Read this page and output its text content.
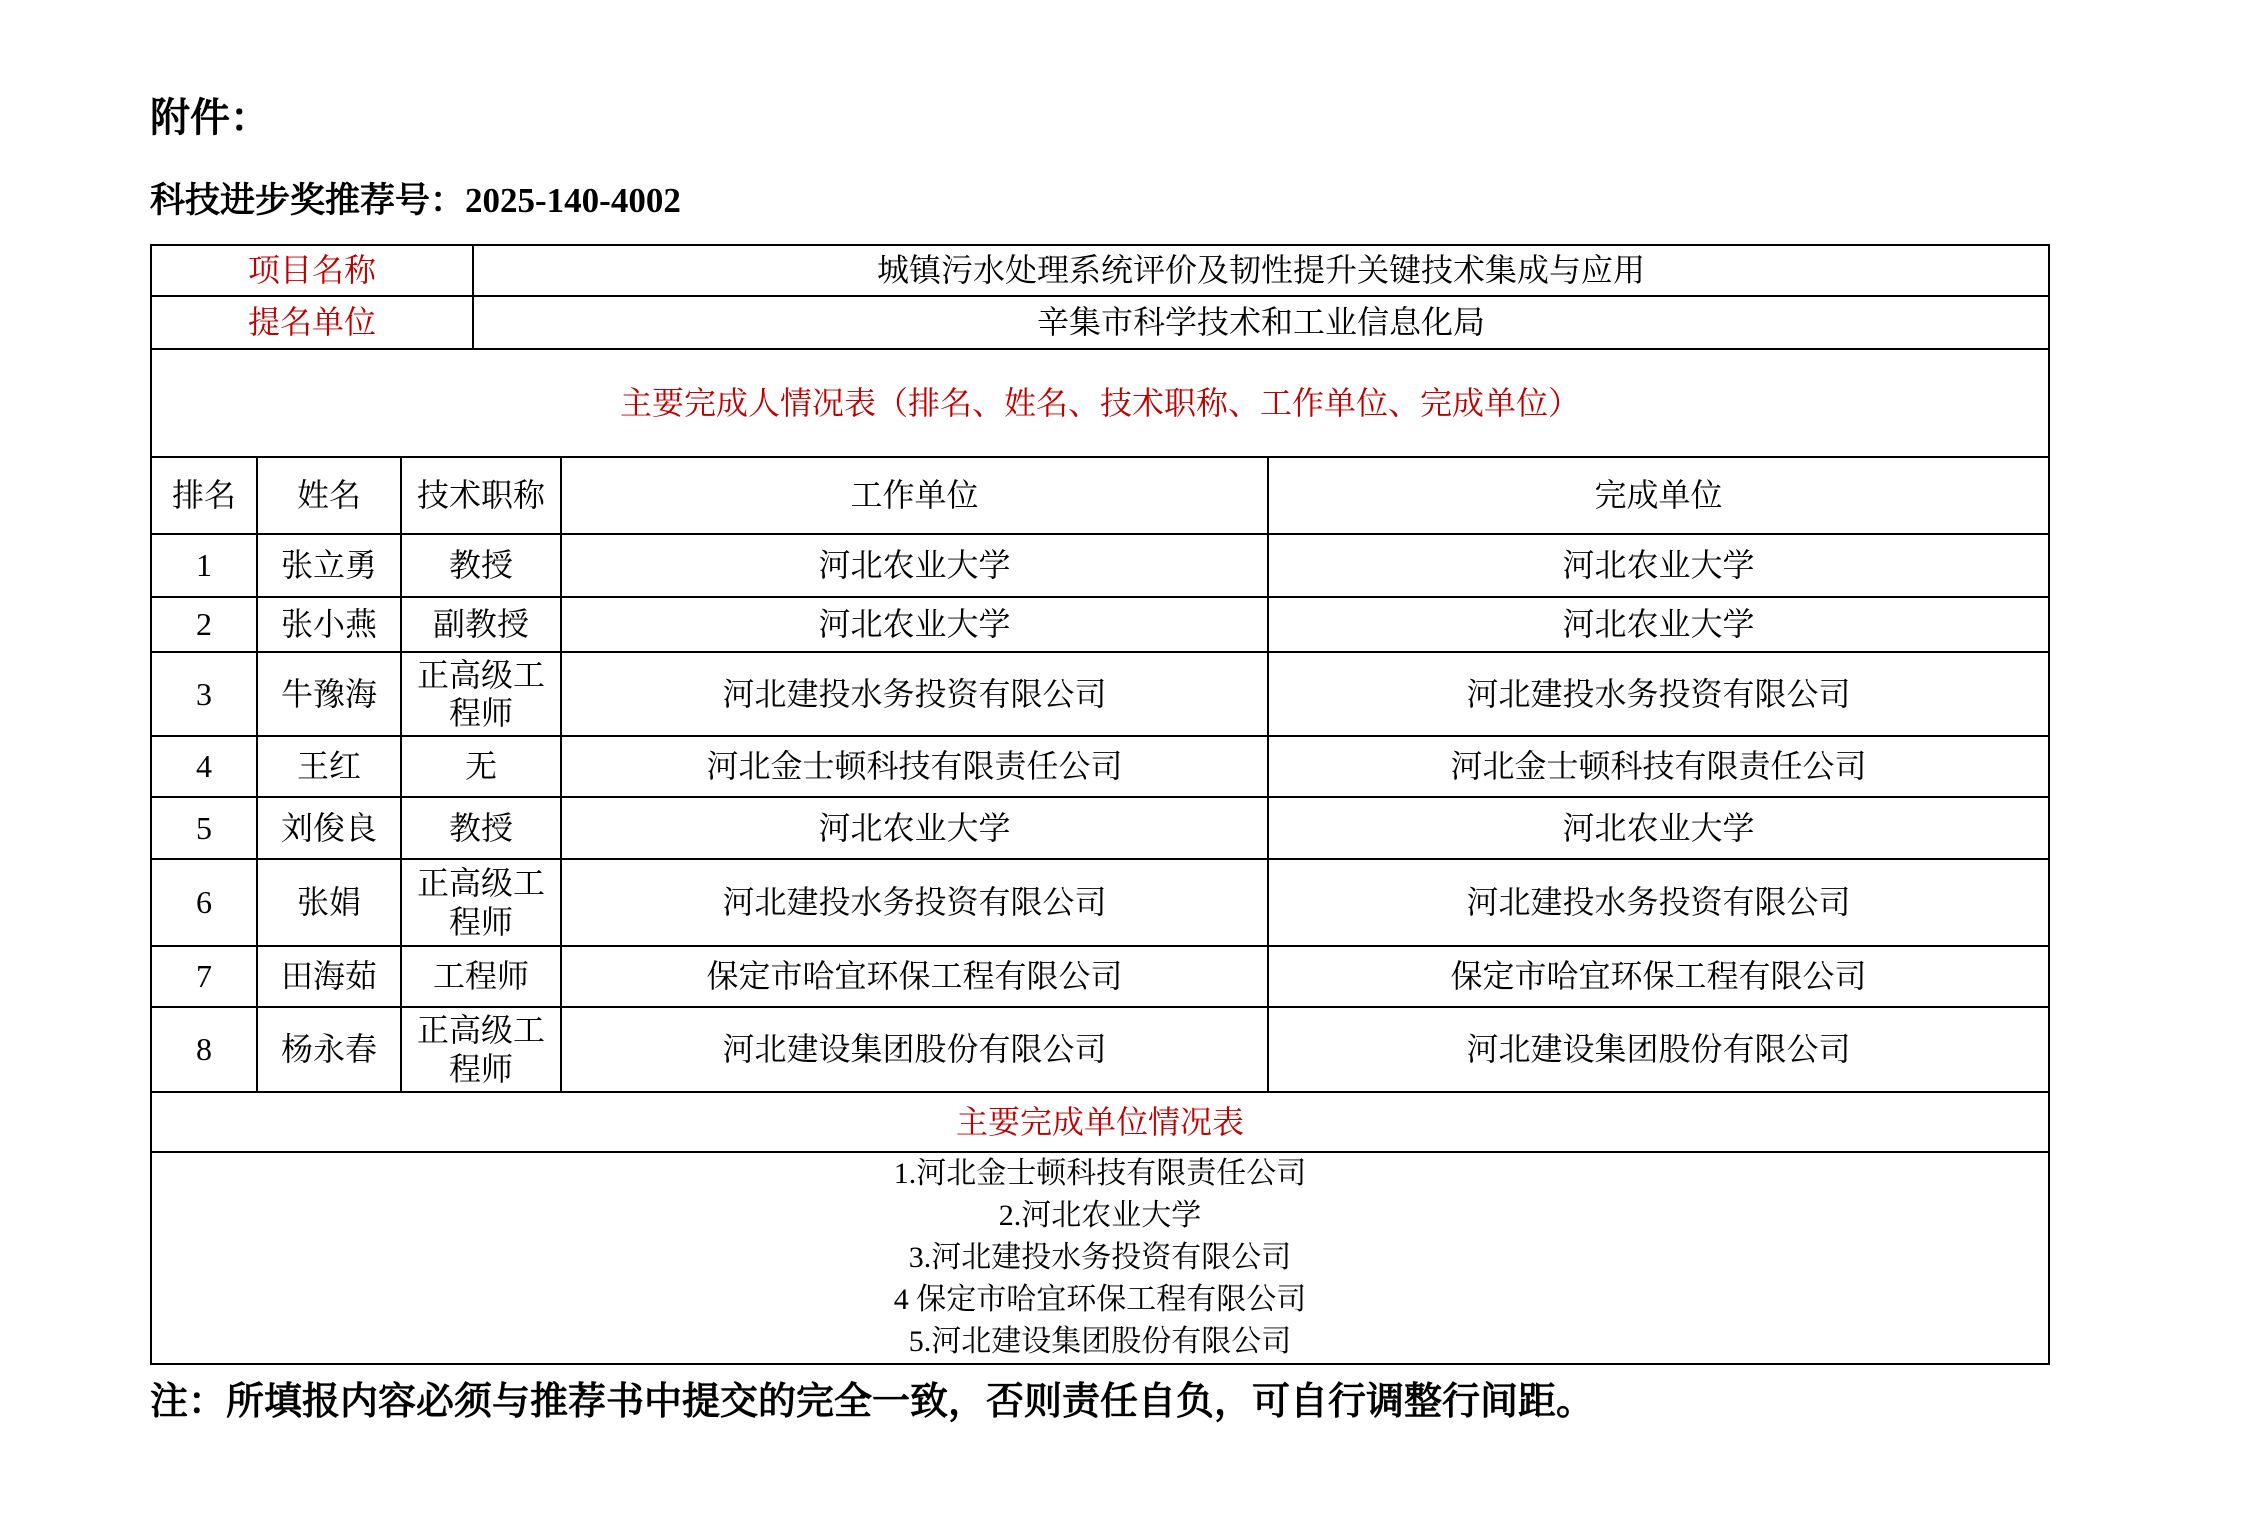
附件：

科技进步奖推荐号：2025-140-4002

项目名称			城镇污水处理系统评价及韧性提升关键技术集成与应用		
提名单位			辛集市科学技术和工业信息化局		
主要完成人情况表（排名、姓名、技术职称、工作单位、完成单位）					
排名	姓名	技术职称		工作单位	完成单位
1	张立勇	教授		河北农业大学	河北农业大学
2	张小燕	副教授		河北农业大学	河北农业大学
3	牛豫海	正高级工程师		河北建投水务投资有限公司	河北建投水务投资有限公司
4	王红	无		河北金士顿科技有限责任公司	河北金士顿科技有限责任公司
5	刘俊良	教授		河北农业大学	河北农业大学
6	张娟	正高级工程师		河北建投水务投资有限公司	河北建投水务投资有限公司
7	田海茹	工程师		保定市哈宜环保工程有限公司	保定市哈宜环保工程有限公司
8	杨永春	正高级工程师		河北建设集团股份有限公司	河北建设集团股份有限公司
主要完成单位情况表					

1.河北金士顿科技有限责任公司
2.河北农业大学
3.河北建投水务投资有限公司
4 保定市哈宜环保工程有限公司
5.河北建设集团股份有限公司					

注：所填报内容必须与推荐书中提交的完全一致，否则责任自负，可自行调整行间距。
